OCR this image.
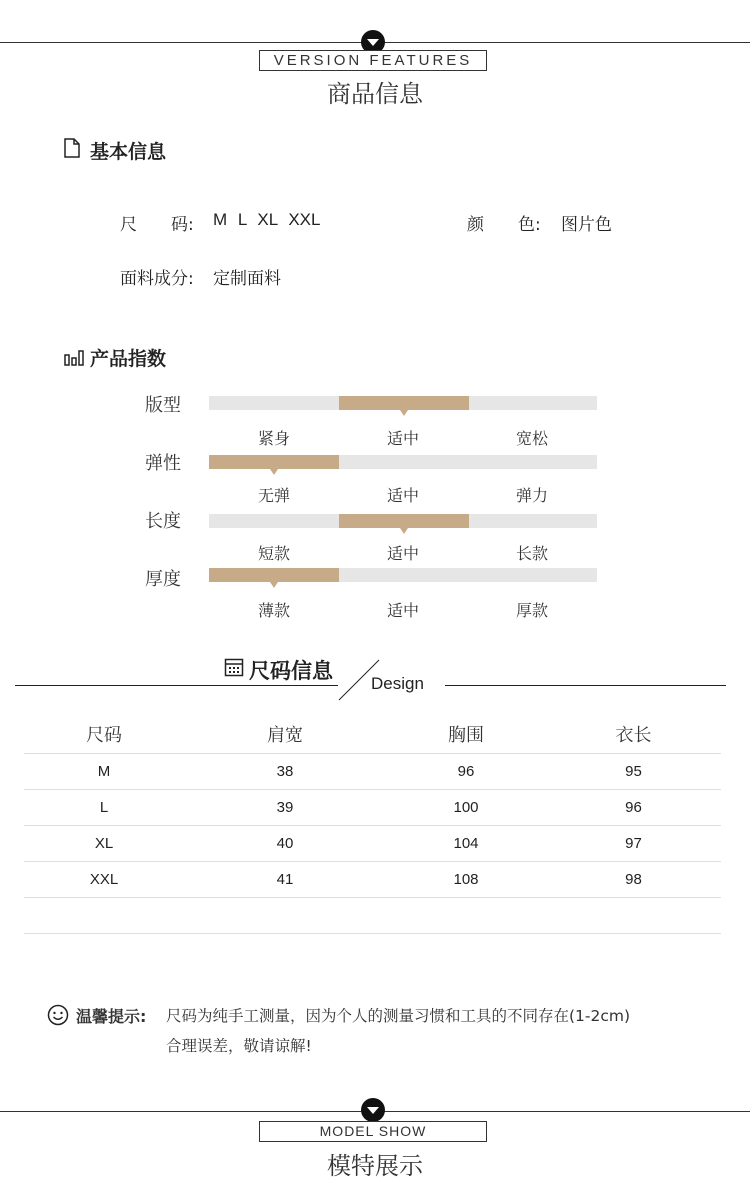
VERSION FEATURES
商品信息
基本信息
尺　　码: M L XL XXL	颜　　色: 图片色
面料成分: 定制面料
产品指数
版型
紧身	适中	宽松
弹性
无弹	适中	弹力
长度
短款	适中	长款
厚度
薄款	适中	厚款
尺码信息
Design
尺码	肩宽	胸围	衣长
M	38	96	95
L	39	100	96
XL	40	104	97
XXL	41	108	98

温馨提示: 尺码为纯手工测量，因为个人的测量习惯和工具的不同存在(1-2cm)
合理误差，敬请谅解!
MODEL SHOW
模特展示
